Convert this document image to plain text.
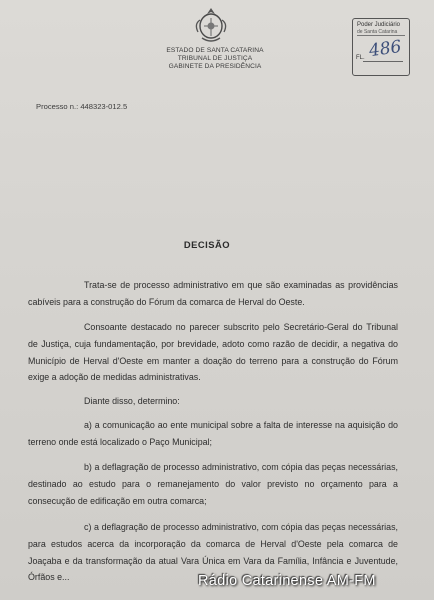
ESTADO DE SANTA CATARINA
TRIBUNAL DE JUSTIÇA
GABINETE DA PRESIDÊNCIA
Poder Judiciário
de Santa Catarina
486
FL.
Processo n.: 448323-012.5
DECISÃO
Trata-se de processo administrativo em que são examinadas as providências cabíveis para a construção do Fórum da comarca de Herval do Oeste.
Consoante destacado no parecer subscrito pelo Secretário-Geral do Tribunal de Justiça, cuja fundamentação, por brevidade, adoto como razão de decidir, a negativa do Município de Herval d'Oeste em manter a doação do terreno para a construção do Fórum exige a adoção de medidas administrativas.
Diante disso, determino:
a) a comunicação ao ente municipal sobre a falta de interesse na aquisição do terreno onde está localizado o Paço Municipal;
b) a deflagração de processo administrativo, com cópia das peças necessárias, destinado ao estudo para o remanejamento do valor previsto no orçamento para a consecução de edificação em outra comarca;
c) a deflagração de processo administrativo, com cópia das peças necessárias, para estudos acerca da incorporação da comarca de Herval d'Oeste pela comarca de Joaçaba e da transformação da atual Vara Única em Vara da Família, Infância e Juventude, Órfãos e...	Rádio Catarinense AM-FM
